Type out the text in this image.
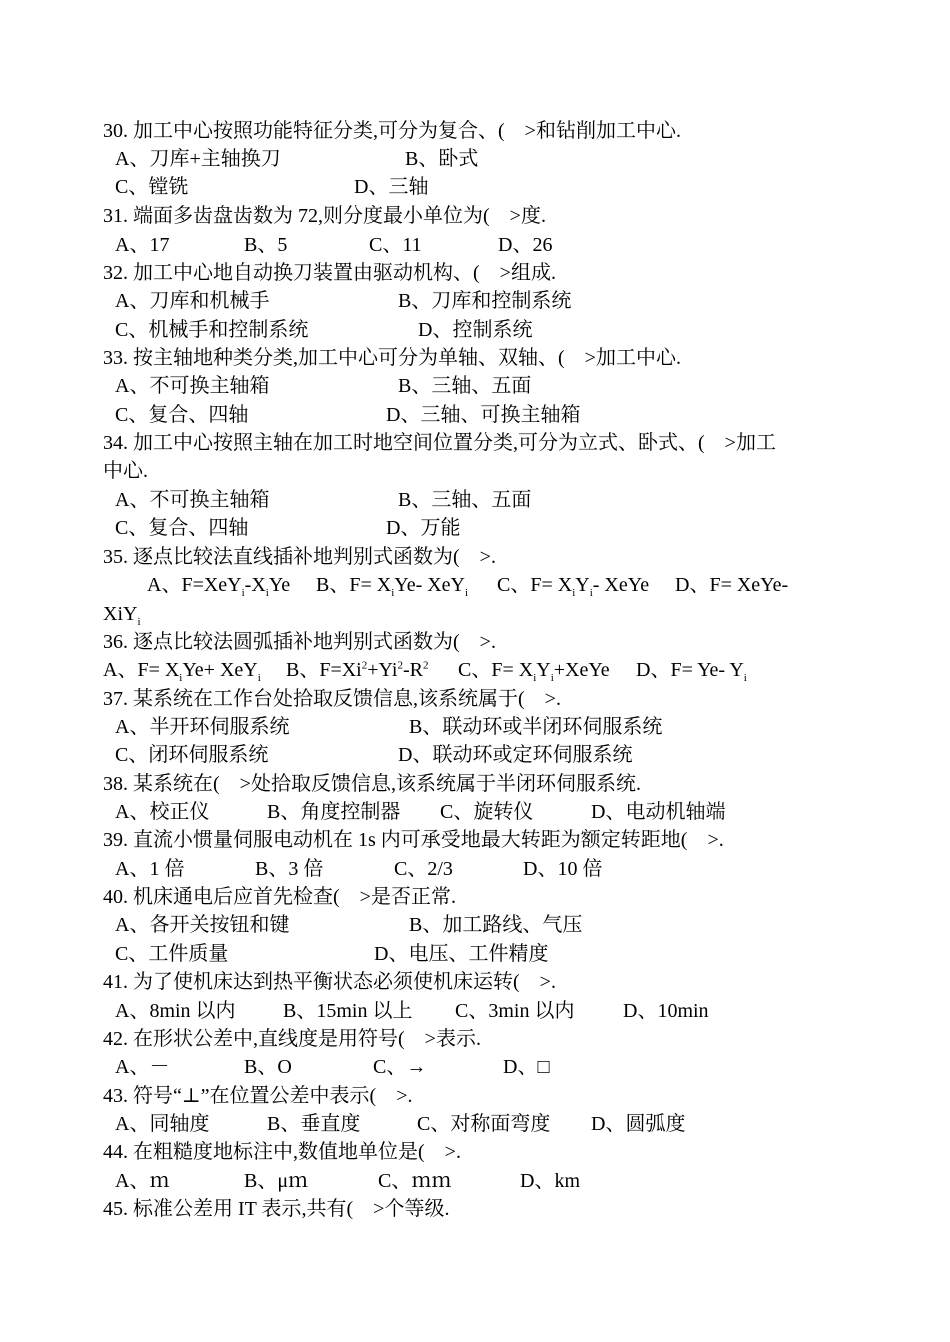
30. 加工中心按照功能特征分类,可分为复合、(　>和钻削加工中心.
A、刀库+主轴换刀	B、卧式
C、镗铣	D、三轴
31. 端面多齿盘齿数为 72,则分度最小单位为(　>度.
A、17	B、5	C、11	D、26
32. 加工中心地自动换刀装置由驱动机构、(　>组成.
A、刀库和机械手	B、刀库和控制系统
C、机械手和控制系统	D、控制系统
33. 按主轴地种类分类,加工中心可分为单轴、双轴、(　>加工中心.
A、不可换主轴箱	B、三轴、五面
C、复合、四轴	D、三轴、可换主轴箱
34. 加工中心按照主轴在加工时地空间位置分类,可分为立式、卧式、(　>加工
中心.
A、不可换主轴箱	B、三轴、五面
C、复合、四轴	D、万能
35. 逐点比较法直线插补地判别式函数为(　>.
A、$F=XeY_i-X_iYe$ B、$F= X_iYe-$ XeY$_i$ C、$F= X_iY_i-$ XeYe D、F= XeYe-
XiY$_i$
36. 逐点比较法圆弧插补地判别式函数为(　>.
A、$F= X_iYe+ XeY_i$ B、$F=Xi^2+Yi^2-R^2$ C、$F= X_iY_i+XeYe$ D、F= Ye- $Y_i$
37. 某系统在工作台处拾取反馈信息,该系统属于(　>.
A、半开环伺服系统	B、联动环或半闭环伺服系统
C、闭环伺服系统	D、联动环或定环伺服系统
38. 某系统在(　>处拾取反馈信息,该系统属于半闭环伺服系统.
A、校正仪	B、角度控制器 C、旋转仪	D、电动机轴端
39. 直流小惯量伺服电动机在 1s 内可承受地最大转距为额定转距地(　>.
A、1 倍	B、3 倍	C、2/3	D、10 倍
40. 机床通电后应首先检查(　>是否正常.
A、各开关按钮和键	B、加工路线、气压
C、工件质量	D、电压、工件精度
41. 为了使机床达到热平衡状态必须使机床运转(　>.
A、8min 以内 B、15min 以上 C、3min 以内 D、10min
42. 在形状公差中,直线度是用符号(　>表示.
A、－	B、O	C、→	D、□
43. 符号“⊥”在位置公差中表示(　>.
A、同轴度	B、垂直度	C、对称面弯度 D、圆弧度
44. 在粗糙度地标注中,数值地单位是(　>.
A、ｍ	B、μｍ	C、ｍｍ	D、km
45. 标准公差用 IT 表示,共有(　>个等级.
